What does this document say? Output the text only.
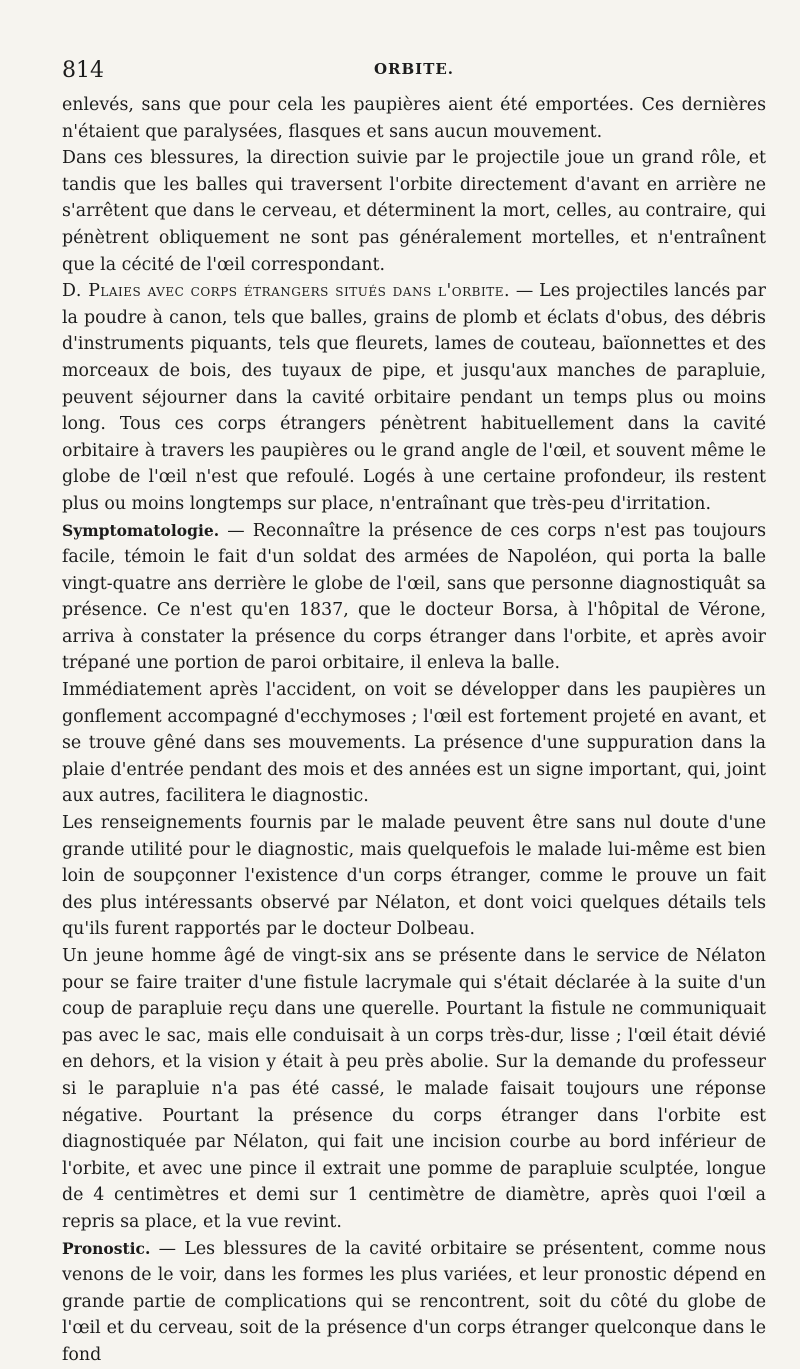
814	ORBITE.

enlevés, sans que pour cela les paupières aient été emportées. Ces dernières n'étaient que paralysées, flasques et sans aucun mouvement.

Dans ces blessures, la direction suivie par le projectile joue un grand rôle, et tandis que les balles qui traversent l'orbite directement d'avant en arrière ne s'arrêtent que dans le cerveau, et déterminent la mort, celles, au contraire, qui pénètrent obliquement ne sont pas généralement mortelles, et n'entraînent que la cécité de l'œil correspondant.

D. Plaies avec corps étrangers situés dans l'orbite. — Les projectiles lancés par la poudre à canon, tels que balles, grains de plomb et éclats d'obus, des débris d'instruments piquants, tels que fleurets, lames de couteau, baïonnettes et des morceaux de bois, des tuyaux de pipe, et jusqu'aux manches de parapluie, peuvent séjourner dans la cavité orbitaire pendant un temps plus ou moins long. Tous ces corps étrangers pénètrent habituellement dans la cavité orbitaire à travers les paupières ou le grand angle de l'œil, et souvent même le globe de l'œil n'est que refoulé. Logés à une certaine profondeur, ils restent plus ou moins longtemps sur place, n'entraînant que très-peu d'irritation.

Symptomatologie. — Reconnaître la présence de ces corps n'est pas toujours facile, témoin le fait d'un soldat des armées de Napoléon, qui porta la balle vingt-quatre ans derrière le globe de l'œil, sans que personne diagnostiquât sa présence. Ce n'est qu'en 1837, que le docteur Borsa, à l'hôpital de Vérone, arriva à constater la présence du corps étranger dans l'orbite, et après avoir trépané une portion de paroi orbitaire, il enleva la balle.

Immédiatement après l'accident, on voit se développer dans les paupières un gonflement accompagné d'ecchymoses ; l'œil est fortement projeté en avant, et se trouve gêné dans ses mouvements. La présence d'une suppuration dans la plaie d'entrée pendant des mois et des années est un signe important, qui, joint aux autres, facilitera le diagnostic.

Les renseignements fournis par le malade peuvent être sans nul doute d'une grande utilité pour le diagnostic, mais quelquefois le malade lui-même est bien loin de soupçonner l'existence d'un corps étranger, comme le prouve un fait des plus intéressants observé par Nélaton, et dont voici quelques détails tels qu'ils furent rapportés par le docteur Dolbeau.

Un jeune homme âgé de vingt-six ans se présente dans le service de Nélaton pour se faire traiter d'une fistule lacrymale qui s'était déclarée à la suite d'un coup de parapluie reçu dans une querelle. Pourtant la fistule ne communiquait pas avec le sac, mais elle conduisait à un corps très-dur, lisse ; l'œil était dévié en dehors, et la vision y était à peu près abolie. Sur la demande du professeur si le parapluie n'a pas été cassé, le malade faisait toujours une réponse négative. Pourtant la présence du corps étranger dans l'orbite est diagnostiquée par Nélaton, qui fait une incision courbe au bord inférieur de l'orbite, et avec une pince il extrait une pomme de parapluie sculptée, longue de 4 centimètres et demi sur 1 centimètre de diamètre, après quoi l'œil a repris sa place, et la vue revint.

Pronostic. — Les blessures de la cavité orbitaire se présentent, comme nous venons de le voir, dans les formes les plus variées, et leur pronostic dépend en grande partie de complications qui se rencontrent, soit du côté du globe de l'œil et du cerveau, soit de la présence d'un corps étranger quelconque dans le fond
